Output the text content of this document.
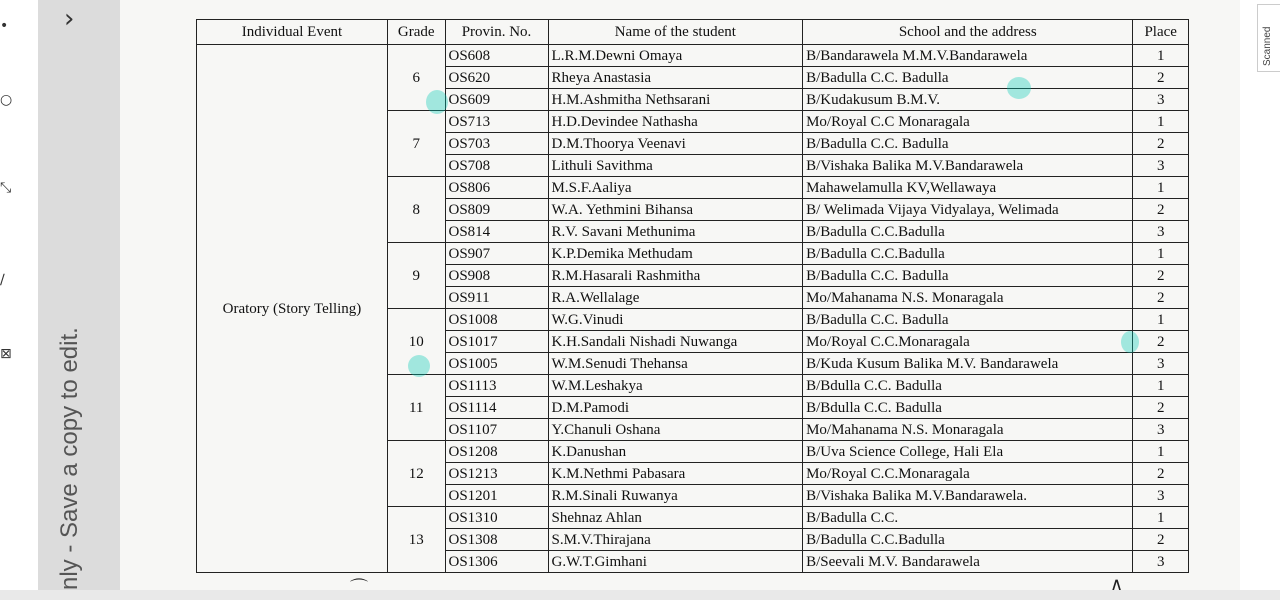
•
○
⤡
∕
⊠
›
nly - Save a copy to edit.
Scanned
Individual Event	Grade	Provin. No.	Name of the student	School and the address	Place
Oratory (Story Telling)	6	OS608	L.R.M.Dewni Omaya	B/Bandarawela M.M.V.Bandarawela	1
		OS620	Rheya Anastasia	B/Badulla C.C. Badulla	2
		OS609	H.M.Ashmitha Nethsarani	B/Kudakusum B.M.V.	3
	7	OS713	H.D.Devindee Nathasha	Mo/Royal C.C Monaragala	1
		OS703	D.M.Thoorya Veenavi	B/Badulla C.C. Badulla	2
		OS708	Lithuli Savithma	B/Vishaka Balika M.V.Bandarawela	3
	8	OS806	M.S.F.Aaliya	Mahawelamulla KV,Wellawaya	1
		OS809	W.A. Yethmini Bihansa	B/ Welimada Vijaya Vidyalaya, Welimada	2
		OS814	R.V. Savani Methunima	B/Badulla C.C.Badulla	3
	9	OS907	K.P.Demika Methudam	B/Badulla C.C.Badulla	1
		OS908	R.M.Hasarali Rashmitha	B/Badulla C.C. Badulla	2
		OS911	R.A.Wellalage	Mo/Mahanama N.S. Monaragala	2
	10	OS1008	W.G.Vinudi	B/Badulla C.C. Badulla	1
		OS1017	K.H.Sandali Nishadi Nuwanga	Mo/Royal C.C.Monaragala	2
		OS1005	W.M.Senudi Thehansa	B/Kuda Kusum Balika M.V. Bandarawela	3
	11	OS1113	W.M.Leshakya	B/Bdulla C.C. Badulla	1
		OS1114	D.M.Pamodi	B/Bdulla C.C. Badulla	2
		OS1107	Y.Chanuli Oshana	Mo/Mahanama N.S. Monaragala	3
	12	OS1208	K.Danushan	B/Uva Science College, Hali Ela	1
		OS1213	K.M.Nethmi Pabasara	Mo/Royal C.C.Monaragala	2
		OS1201	R.M.Sinali Ruwanya	B/Vishaka Balika M.V.Bandarawela.	3
	13	OS1310	Shehnaz Ahlan	B/Badulla C.C.	1
		OS1308	S.M.V.Thirajana	B/Badulla C.C.Badulla	2
		OS1306	G.W.T.Gimhani	B/Seevali M.V. Bandarawela	3
⌒	∧
